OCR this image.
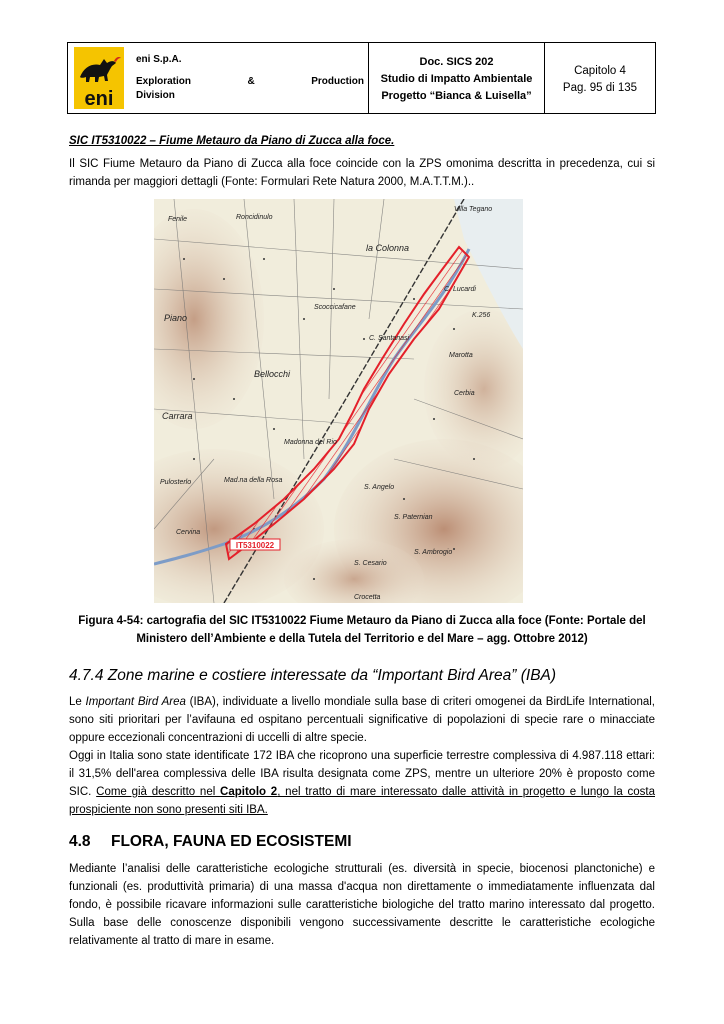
eni
eni S.p.A.
Exploration	&	Production
Division
Doc. SICS 202
Studio di Impatto Ambientale
Progetto “Bianca & Luisella”
Capitolo 4
Pag. 95 di 135
SIC IT5310022 – Fiume Metauro da Piano di Zucca alla foce.
Il SIC Fiume Metauro da Piano di Zucca alla foce coincide con la ZPS omonima descritta in precedenza, cui si rimanda per maggiori dettagli (Fonte: Formulari Rete Natura 2000, M.A.T.T.M.)..
Fenile	Roncidinulo
Villa Tegano
la Colonna
C. Lucardi
Carrara
Piano
Bellocchi
C. Santanasi
Scoccicafane
Marotta
Madonna del Rio
Pulosterlo	Mad.na della Rosa
S. Angelo
S. Paternian
Cerbia
S. Ambrogio
Crocetta
Cervina
S. Cesario
K.256
IT5310022
Figura 4-54: cartografia del SIC IT5310022 Fiume Metauro da Piano di Zucca alla foce (Fonte: Portale del Ministero dell’Ambiente e della Tutela del Territorio e del Mare – agg. Ottobre 2012)
4.7.4 Zone marine e costiere interessate da “Important Bird Area” (IBA)
Le Important Bird Area (IBA), individuate a livello mondiale sulla base di criteri omogenei da BirdLife International, sono siti prioritari per l’avifauna ed ospitano percentuali significative di popolazioni di specie rare o minacciate oppure eccezionali concentrazioni di uccelli di altre specie.
Oggi in Italia sono state identificate 172 IBA che ricoprono una superficie terrestre complessiva di 4.987.118 ettari: il 31,5% dell'area complessiva delle IBA risulta designata come ZPS, mentre un ulteriore 20% è proposto come SIC. Come già descritto nel Capitolo 2, nel tratto di mare interessato dalle attività in progetto e lungo la costa prospiciente non sono presenti siti IBA.
4.8 FLORA, FAUNA ED ECOSISTEMI
Mediante l’analisi delle caratteristiche ecologiche strutturali (es. diversità in specie, biocenosi planctoniche) e funzionali (es. produttività primaria) di una massa d'acqua non direttamente o immediatamente influenzata dal fondo, è possibile ricavare informazioni sulle caratteristiche biologiche del tratto marino interessato dal progetto. Sulla base delle conoscenze disponibili vengono successivamente descritte le caratteristiche ecologiche relativamente al tratto di mare in esame.
